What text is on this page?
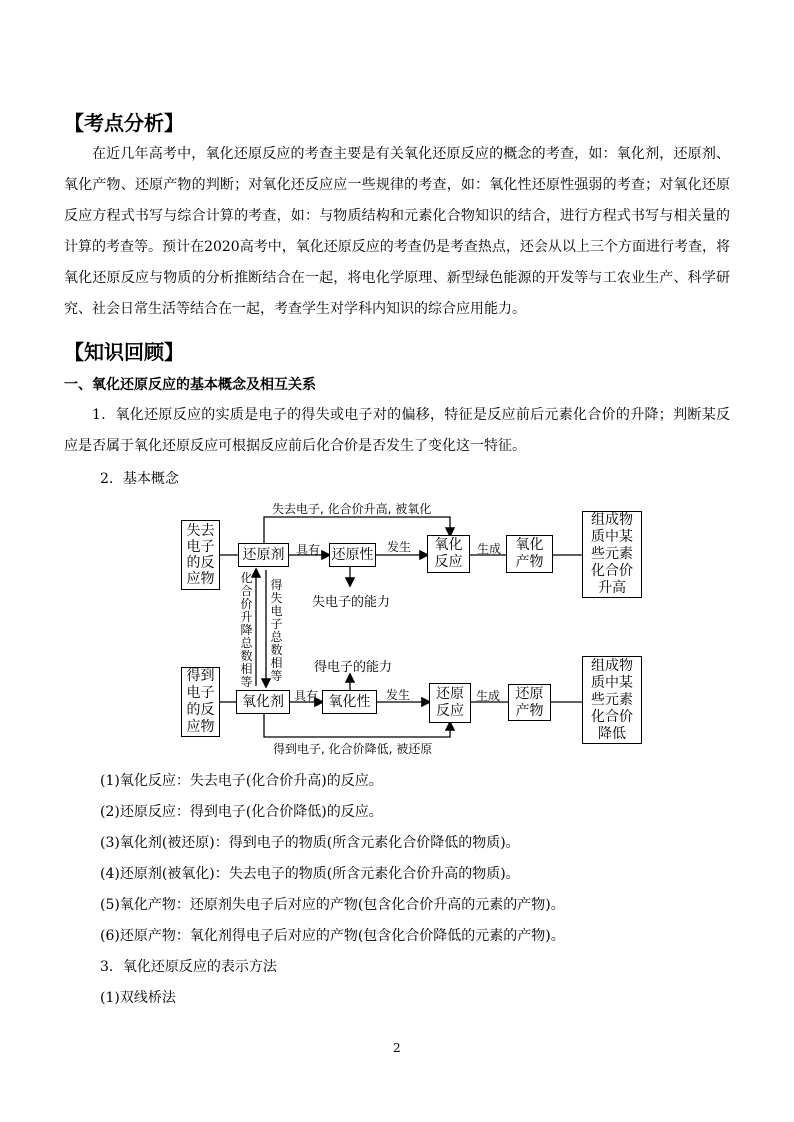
【考点分析】

在近几年高考中，氧化还原反应的考查主要是有关氧化还原反应的概念的考查，如：氧化剂，还原剂、氧化产物、还原产物的判断；对氧化还反应应一些规律的考查，如：氧化性还原性强弱的考查；对氧化还原反应方程式书写与综合计算的考查，如：与物质结构和元素化合物知识的结合，进行方程式书写与相关量的计算的考查等。预计在2020高考中，氧化还原反应的考查仍是考查热点，还会从以上三个方面进行考查，将氧化还原反应与物质的分析推断结合在一起，将电化学原理、新型绿色能源的开发等与工农业生产、科学研究、社会日常生活等结合在一起，考查学生对学科内知识的综合应用能力。

【知识回顾】
一、氧化还原反应的基本概念及相互关系

1．氧化还原反应的实质是电子的得失或电子对的偏移，特征是反应前后元素化合价的升降；判断某反应是否属于氧化还原反应可根据反应前后化合价是否发生了变化这一特征。

2．基本概念
失去电子的反应物
还原剂 具有 还原性 发生	氧化反应
生成	氧化产物
组成物质中某些元素化合价升高
失去电子, 化合价升高, 被氧化
失电子的能力
化合价升降总数相等
得失电子总数相等
得到电子的反应物
氧化剂 具有 氧化性	发生	还原反应
生成	还原产物
组成物质中某些元素化合价降低
得到电子, 化合价降低, 被还原
得电子的能力
(1)氧化反应：失去电子(化合价升高)的反应。
(2)还原反应：得到电子(化合价降低)的反应。
(3)氧化剂(被还原)：得到电子的物质(所含元素化合价降低的物质)。
(4)还原剂(被氧化)：失去电子的物质(所含元素化合价升高的物质)。
(5)氧化产物：还原剂失电子后对应的产物(包含化合价升高的元素的产物)。
(6)还原产物：氧化剂得电子后对应的产物(包含化合价降低的元素的产物)。
3．氧化还原反应的表示方法
(1)双线桥法
2
